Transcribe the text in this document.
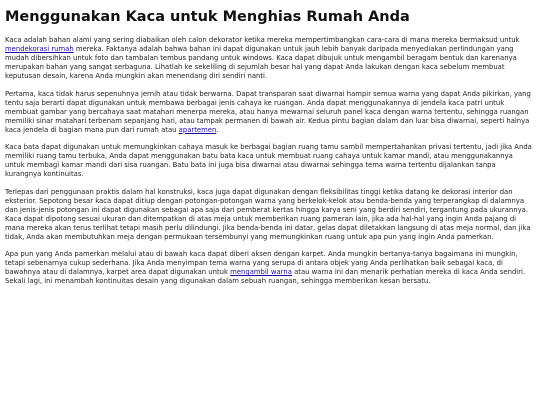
Menggunakan Kaca untuk Menghias Rumah Anda

Kaca adalah bahan alami yang sering diabaikan oleh calon dekorator ketika mereka mempertimbangkan cara-cara di mana mereka bermaksud untuk mendekorasi rumah mereka. Faktanya adalah bahwa bahan ini dapat digunakan untuk jauh lebih banyak daripada menyediakan perlindungan yang mudah dibersihkan untuk foto dan tambalan tembus pandang untuk windows. Kaca dapat dibujuk untuk mengambil beragam bentuk dan karenanya merupakan bahan yang sangat serbaguna. Lihatlah ke sekeliling di sejumlah besar hal yang dapat Anda lakukan dengan kaca sebelum membuat keputusan desain, karena Anda mungkin akan menendang diri sendiri nanti.

Pertama, kaca tidak harus sepenuhnya jernih atau tidak berwarna. Dapat transparan saat diwarnai hampir semua warna yang dapat Anda pikirkan, yang tentu saja berarti dapat digunakan untuk membawa berbagai jenis cahaya ke ruangan. Anda dapat menggunakannya di jendela kaca patri untuk membuat gambar yang bercahaya saat matahari menerpa mereka, atau hanya mewarnai seluruh panel kaca dengan warna tertentu, sehingga ruangan memiliki sinar matahari terbenam sepanjang hari, atau tampak permanen di bawah air. Kedua pintu bagian dalam dan luar bisa diwarnai, seperti halnya kaca jendela di bagian mana pun dari rumah atau apartemen.

Kaca bata dapat digunakan untuk memungkinkan cahaya masuk ke berbagai bagian ruang tamu sambil mempertahankan privasi tertentu, jadi jika Anda memiliki ruang tamu terbuka, Anda dapat menggunakan batu bata kaca untuk membuat ruang cahaya untuk kamar mandi, atau menggunakannya untuk membagi kamar mandi dari sisa ruangan. Batu bata ini juga bisa diwarnai atau diwarnai sehingga tema warna tertentu dijalankan tanpa kurangnya kontinuitas.

Terlepas dari penggunaan praktis dalam hal konstruksi, kaca juga dapat digunakan dengan fleksibilitas tinggi ketika datang ke dekorasi interior dan eksterior. Sepotong besar kaca dapat ditiup dengan potongan-potongan warna yang berkelok-kelok atau benda-benda yang terperangkap di dalamnya dan jenis-jenis potongan ini dapat digunakan sebagai apa saja dari pemberat kertas hingga karya seni yang berdiri sendiri, tergantung pada ukurannya. Kaca dapat dipotong sesuai ukuran dan ditempatkan di atas meja untuk memberikan ruang pameran lain, jika ada hal-hal yang ingin Anda pajang di mana mereka akan terus terlihat tetapi masih perlu dilindungi. Jika benda-benda ini datar, gelas dapat diletakkan langsung di atas meja normal, dan jika tidak, Anda akan membutuhkan meja dengan permukaan tersembunyi yang memungkinkan ruang untuk apa pun yang ingin Anda pamerkan.

Apa pun yang Anda pamerkan melalui atau di bawah kaca dapat diberi aksen dengan karpet. Anda mungkin bertanya-tanya bagaimana ini mungkin, tetapi sebenarnya cukup sederhana. Jika Anda menyimpan tema warna yang serupa di antara objek yang Anda perlihatkan baik sebagai kaca, di bawahnya atau di dalamnya, karpet area dapat digunakan untuk mengambil warna atau warna ini dan menarik perhatian mereka di kaca Anda sendiri. Sekali lagi, ini menambah kontinuitas desain yang digunakan dalam sebuah ruangan, sehingga memberikan kesan bersatu.
